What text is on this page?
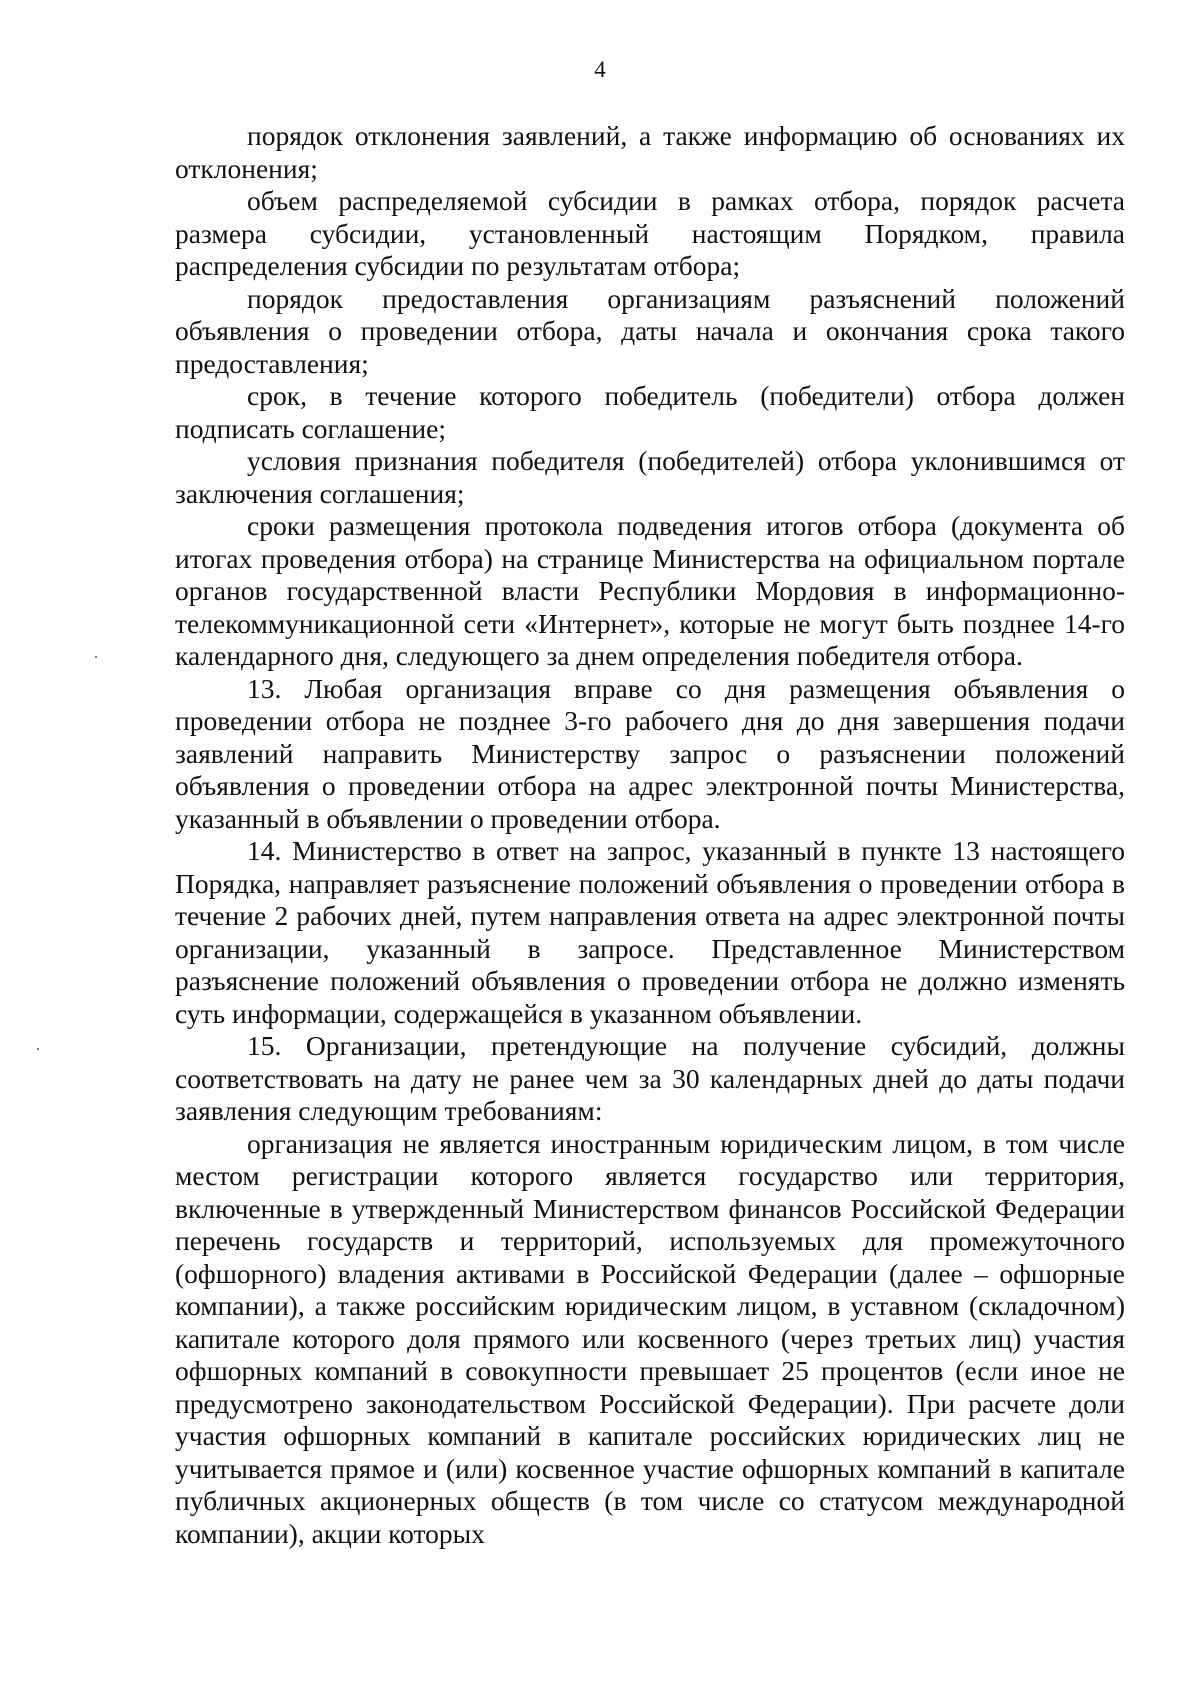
4

порядок отклонения заявлений, а также информацию об основаниях их отклонения;

объем распределяемой субсидии в рамках отбора, порядок расчета размера субсидии, установленный настоящим Порядком, правила распределения субсидии по результатам отбора;

порядок предоставления организациям разъяснений положений объявления о проведении отбора, даты начала и окончания срока такого предоставления;

срок, в течение которого победитель (победители) отбора должен подписать соглашение;

условия признания победителя (победителей) отбора уклонившимся от заключения соглашения;

сроки размещения протокола подведения итогов отбора (документа об итогах проведения отбора) на странице Министерства на официальном портале органов государственной власти Республики Мордовия в информационно-телекоммуникационной сети «Интернет», которые не могут быть позднее 14-го календарного дня, следующего за днем определения победителя отбора.

13. Любая организация вправе со дня размещения объявления о проведении отбора не позднее 3-го рабочего дня до дня завершения подачи заявлений направить Министерству запрос о разъяснении положений объявления о проведении отбора на адрес электронной почты Министерства, указанный в объявлении о проведении отбора.

14. Министерство в ответ на запрос, указанный в пункте 13 настоящего Порядка, направляет разъяснение положений объявления о проведении отбора в течение 2 рабочих дней, путем направления ответа на адрес электронной почты организации, указанный в запросе. Представленное Министерством разъяснение положений объявления о проведении отбора не должно изменять суть информации, содержащейся в указанном объявлении.

15. Организации, претендующие на получение субсидий, должны соответствовать на дату не ранее чем за 30 календарных дней до даты подачи заявления следующим требованиям:

организация не является иностранным юридическим лицом, в том числе местом регистрации которого является государство или территория, включенные в утвержденный Министерством финансов Российской Федерации перечень государств и территорий, используемых для промежуточного (офшорного) владения активами в Российской Федерации (далее – офшорные компании), а также российским юридическим лицом, в уставном (складочном) капитале которого доля прямого или косвенного (через третьих лиц) участия офшорных компаний в совокупности превышает 25 процентов (если иное не предусмотрено законодательством Российской Федерации). При расчете доли участия офшорных компаний в капитале российских юридических лиц не учитывается прямое и (или) косвенное участие офшорных компаний в капитале публичных акционерных обществ (в том числе со статусом международной компании), акции которых
